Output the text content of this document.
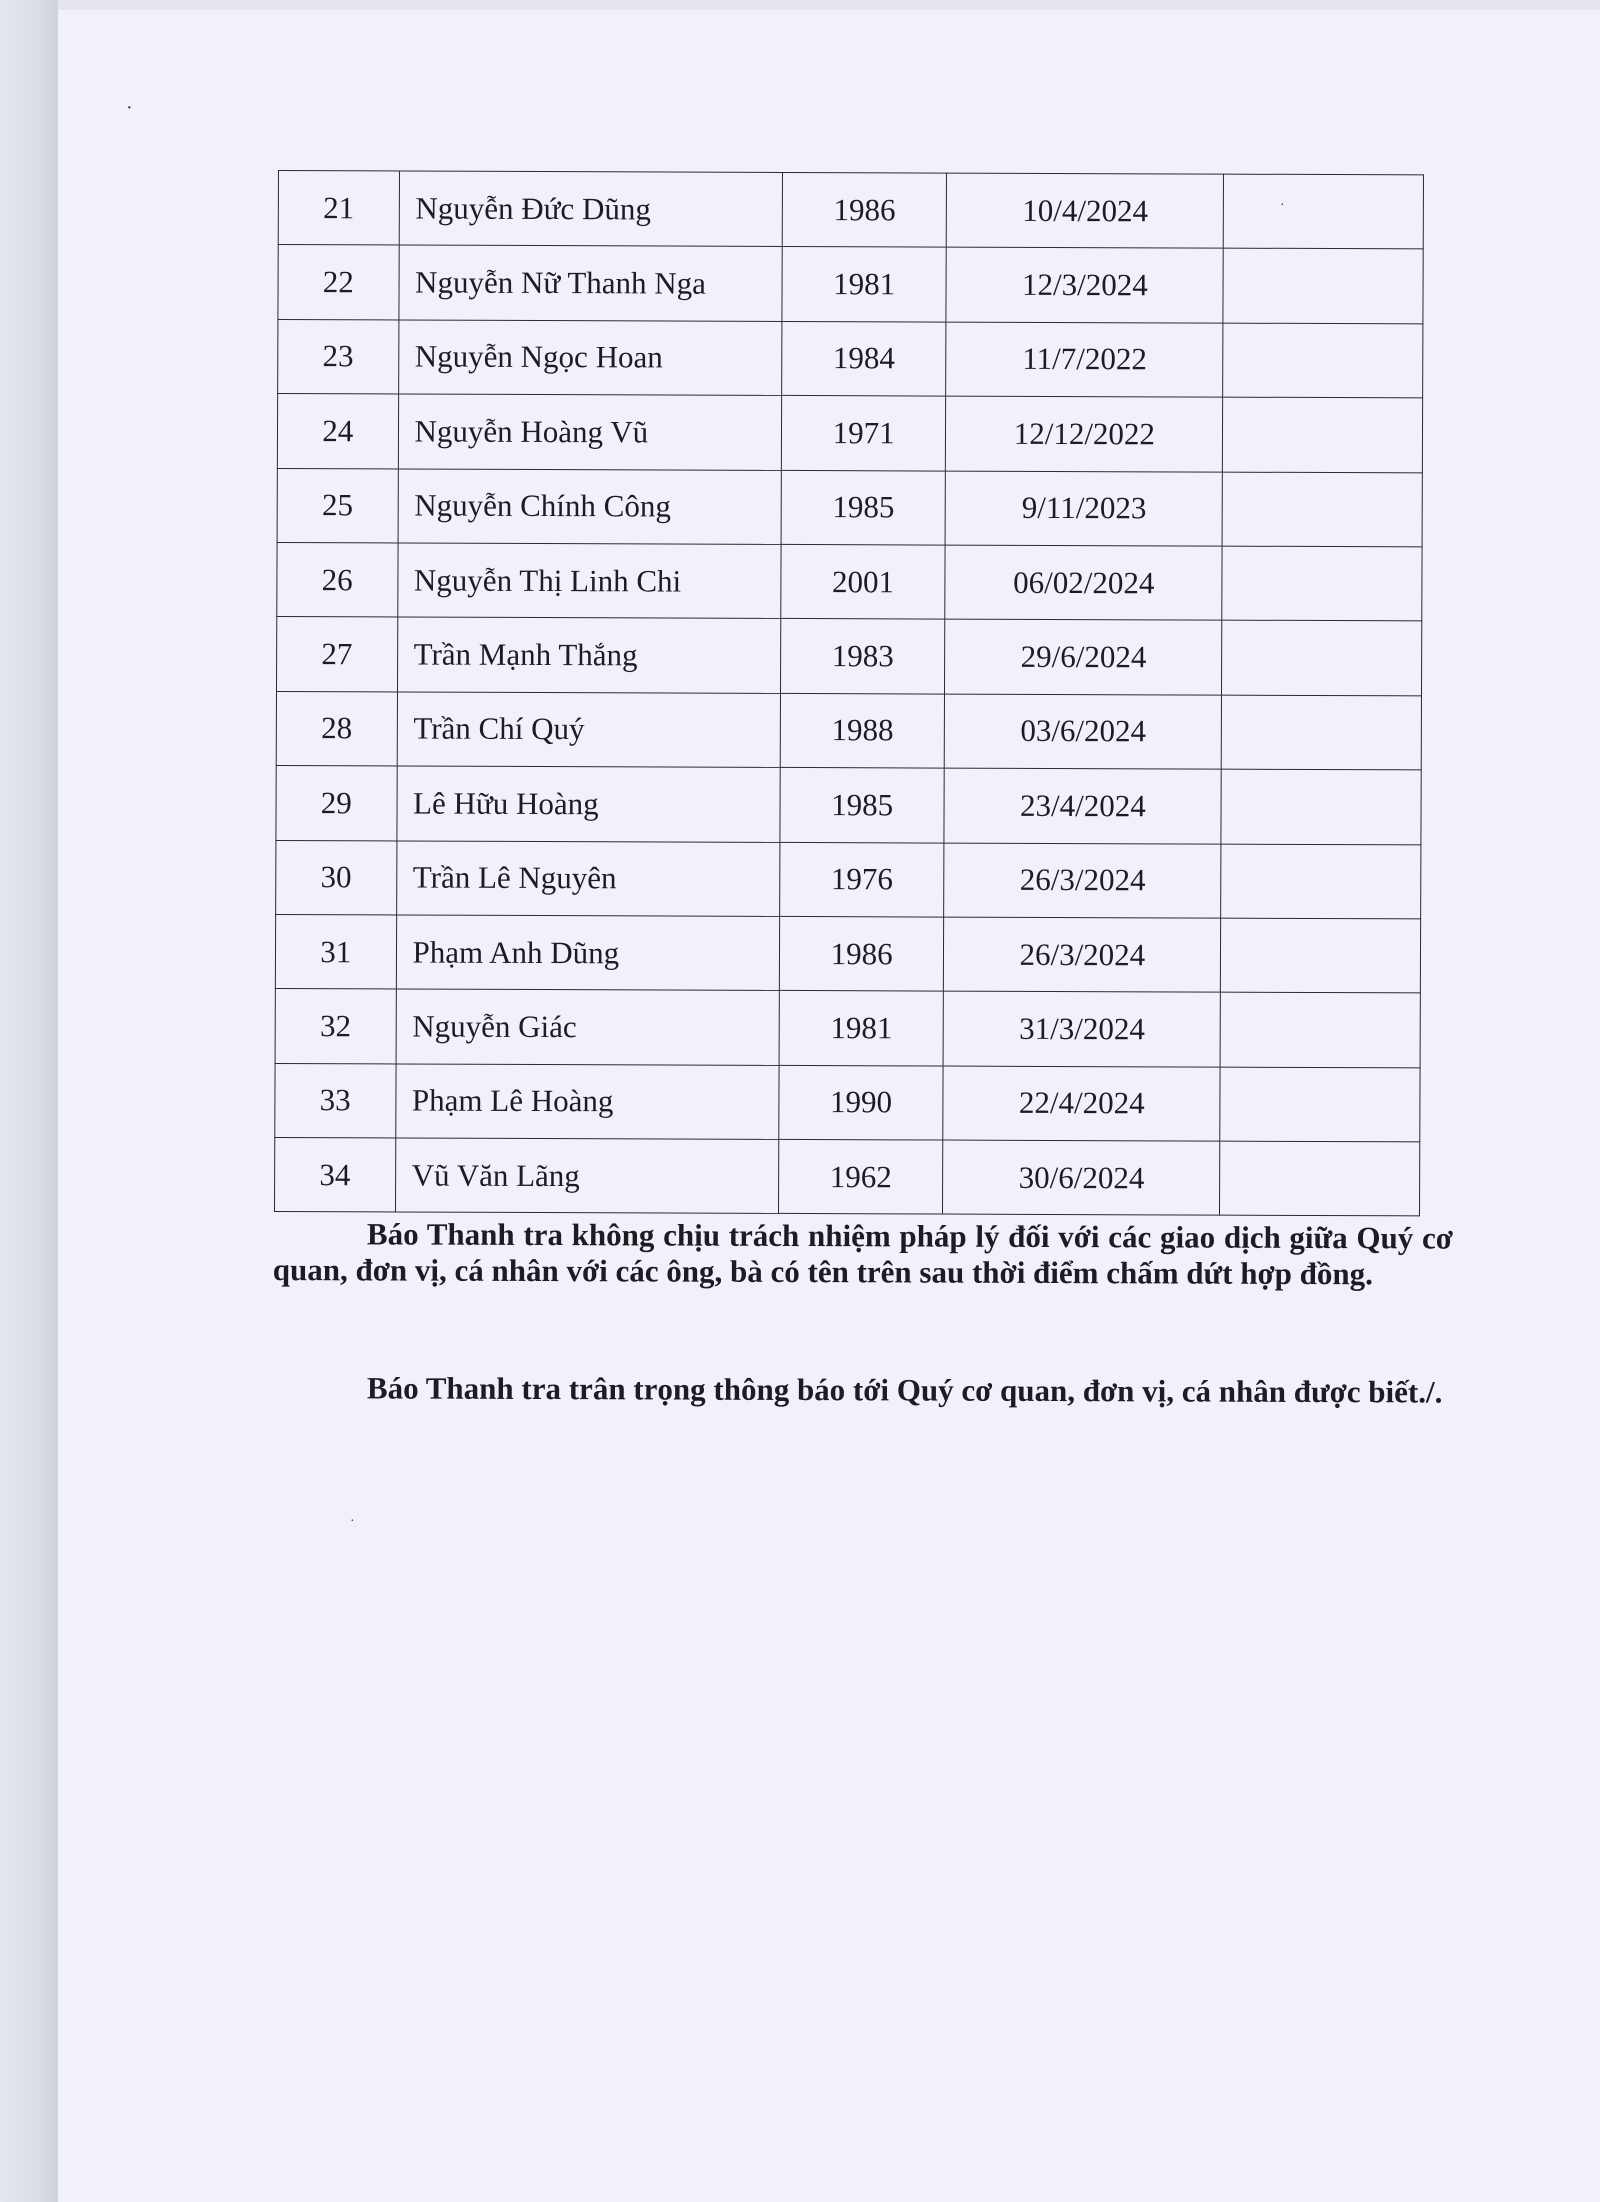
·
·
·
21	Nguyễn Đức Dũng	1986	10/4/2024	
22	Nguyễn Nữ Thanh Nga	1981	12/3/2024	
23	Nguyễn Ngọc Hoan	1984	11/7/2022	
24	Nguyễn Hoàng Vũ	1971	12/12/2022	
25	Nguyễn Chính Công	1985	9/11/2023	
26	Nguyễn Thị Linh Chi	2001	06/02/2024	
27	Trần Mạnh Thắng	1983	29/6/2024	
28	Trần Chí Quý	1988	03/6/2024	
29	Lê Hữu Hoàng	1985	23/4/2024	
30	Trần Lê Nguyên	1976	26/3/2024	
31	Phạm Anh Dũng	1986	26/3/2024	
32	Nguyễn Giác	1981	31/3/2024	
33	Phạm Lê Hoàng	1990	22/4/2024	
34	Vũ Văn Lãng	1962	30/6/2024	

Báo Thanh tra không chịu trách nhiệm pháp lý đối với các giao dịch giữa Quý cơ quan, đơn vị, cá nhân với các ông, bà có tên trên sau thời điểm chấm dứt hợp đồng.

Báo Thanh tra trân trọng thông báo tới Quý cơ quan, đơn vị, cá nhân được biết./.
